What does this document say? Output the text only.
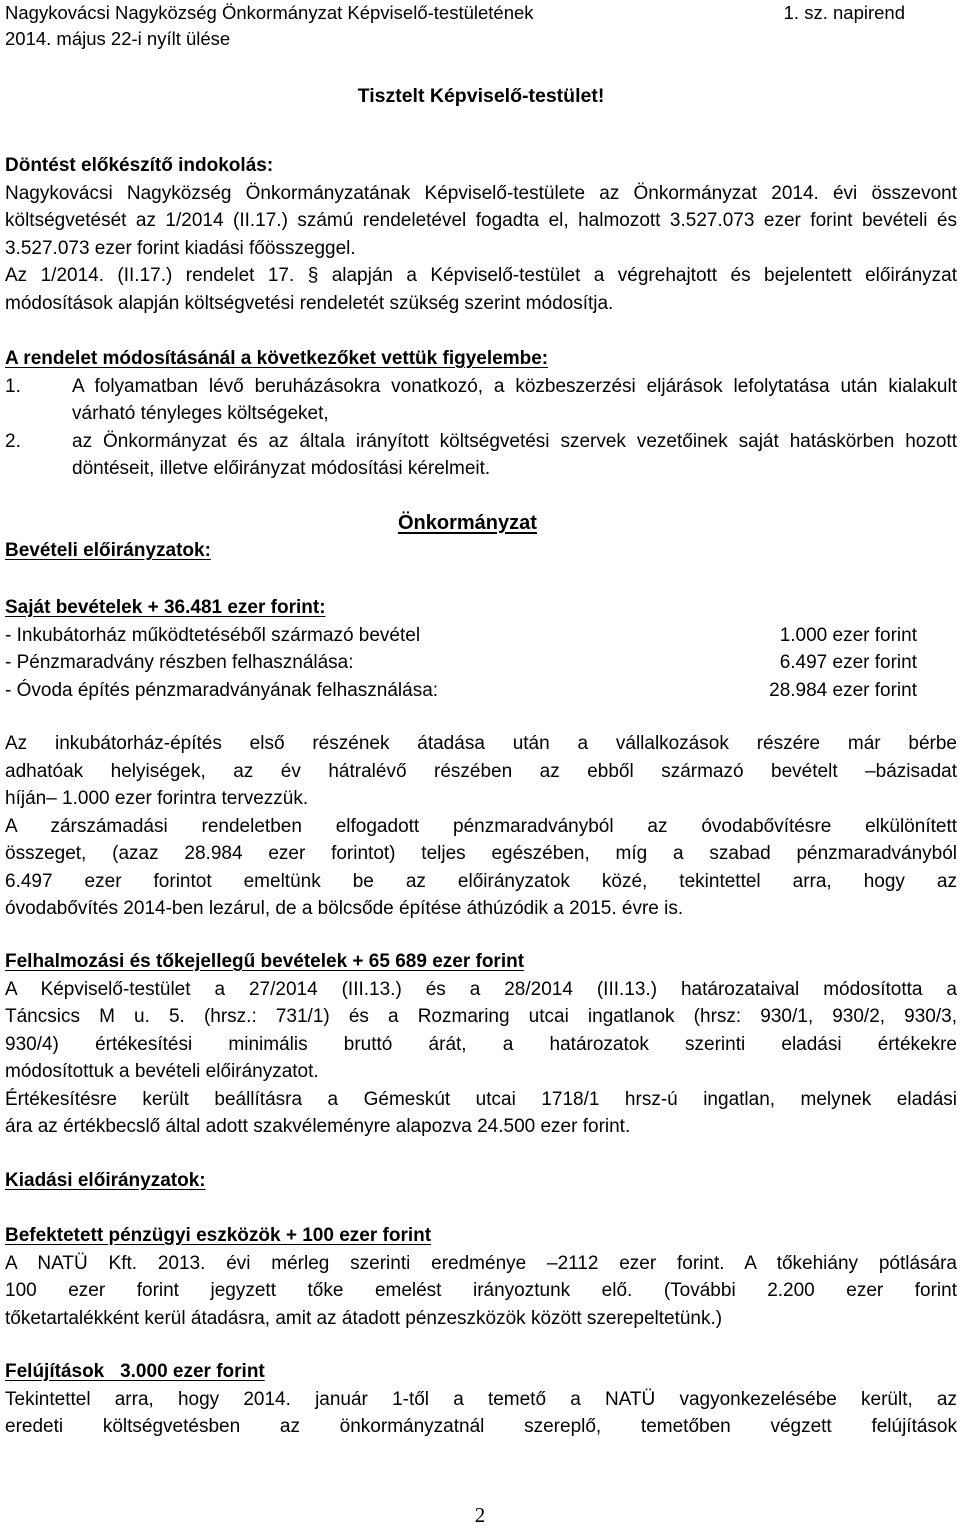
Nagykovácsi Nagyközség Önkormányzat Képviselő-testületének
2014. május 22-i nyílt ülése
1. sz. napirend
Tisztelt Képviselő-testület!
Döntést előkészítő indokolás:
Nagykovácsi Nagyközség Önkormányzatának Képviselő-testülete az Önkormányzat 2014. évi összevont költségvetését az 1/2014 (II.17.) számú rendeletével fogadta el, halmozott 3.527.073 ezer forint bevételi és 3.527.073 ezer forint kiadási főösszeggel.
Az 1/2014. (II.17.) rendelet 17. § alapján a Képviselő-testület a végrehajtott és bejelentett előirányzat módosítások alapján költségvetési rendeletét szükség szerint módosítja.
A rendelet módosításánál a következőket vettük figyelembe:
1.	A folyamatban lévő beruházásokra vonatkozó, a közbeszerzési eljárások lefolytatása után kialakult várható tényleges költségeket,
2.	az Önkormányzat és az általa irányított költségvetési szervek vezetőinek saját hatáskörben hozott döntéseit, illetve előirányzat módosítási kérelmeit.
Önkormányzat
Bevételi előirányzatok:
Saját bevételek + 36.481 ezer forint:
- Inkubátorház működtetéséből származó bevétel	1.000 ezer forint
- Pénzmaradvány részben felhasználása:	6.497 ezer forint
- Óvoda építés pénzmaradványának felhasználása:	28.984 ezer forint
Az inkubátorház-építés első részének átadása után a vállalkozások részére már bérbe
adhatóak helyiségek, az év hátralévő részében az ebből származó bevételt –bázisadat
híján– 1.000 ezer forintra tervezzük.
A zárszámadási rendeletben elfogadott pénzmaradványból az óvodabővítésre elkülönített
összeget, (azaz 28.984 ezer forintot) teljes egészében, míg a szabad pénzmaradványból
6.497 ezer forintot emeltünk be az előirányzatok közé, tekintettel arra, hogy az
óvodabővítés 2014-ben lezárul, de a bölcsőde építése áthúzódik a 2015. évre is.
Felhalmozási és tőkejellegű bevételek + 65 689 ezer forint
A Képviselő-testület a 27/2014 (III.13.) és a 28/2014 (III.13.) határozataival módosította a
Táncsics M u. 5. (hrsz.: 731/1) és a Rozmaring utcai ingatlanok (hrsz: 930/1, 930/2, 930/3,
930/4) értékesítési minimális bruttó árát, a határozatok szerinti eladási értékekre
módosítottuk a bevételi előirányzatot.
Értékesítésre került beállításra a Gémeskút utcai 1718/1 hrsz-ú ingatlan, melynek eladási
ára az értékbecslő által adott szakvéleményre alapozva 24.500 ezer forint.
Kiadási előirányzatok:
Befektetett pénzügyi eszközök + 100 ezer forint
A NATÜ Kft. 2013. évi mérleg szerinti eredménye –2112 ezer forint. A tőkehiány pótlására
100 ezer forint jegyzett tőke emelést irányoztunk elő. (További 2.200 ezer forint
tőketartalékként kerül átadásra, amit az átadott pénzeszközök között szerepeltetünk.)
Felújítások   3.000 ezer forint
Tekintettel arra, hogy 2014. január 1-től a temető a NATÜ vagyonkezelésébe került, az
eredeti költségvetésben az önkormányzatnál szereplő, temetőben végzett felújítások
2
